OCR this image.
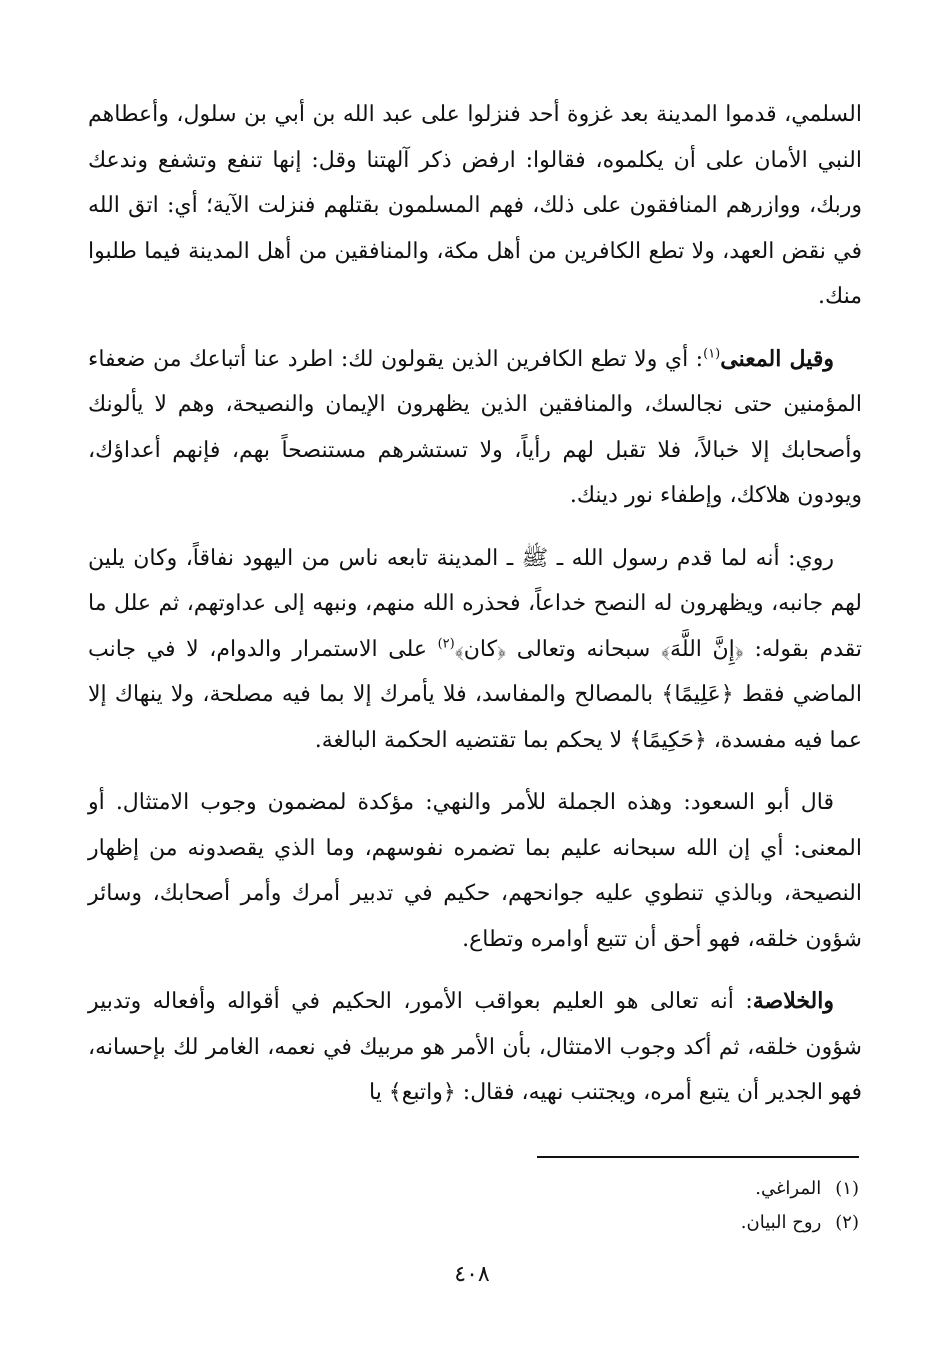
السلمي، قدموا المدينة بعد غزوة أحد فنزلوا على عبد الله بن أبي بن سلول، وأعطاهم النبي الأمان على أن يكلموه، فقالوا: ارفض ذكر آلهتنا وقل: إنها تنفع وتشفع وندعك وربك، ووازرهم المنافقون على ذلك، فهم المسلمون بقتلهم فنزلت الآية؛ أي: اتق الله في نقض العهد، ولا تطع الكافرين من أهل مكة، والمنافقين من أهل المدينة فيما طلبوا منك.

وقيل المعنى$^{(١)}$: أي ولا تطع الكافرين الذين يقولون لك: اطرد عنا أتباعك من ضعفاء المؤمنين حتى نجالسك، والمنافقين الذين يظهرون الإيمان والنصيحة، وهم لا يألونك وأصحابك إلا خبالاً، فلا تقبل لهم رأياً، ولا تستشرهم مستنصحاً بهم، فإنهم أعداؤك، ويودون هلاكك، وإطفاء نور دينك.

روي: أنه لما قدم رسول الله ـ ﷺ ـ المدينة تابعه ناس من اليهود نفاقاً، وكان يلين لهم جانبه، ويظهرون له النصح خداعاً، فحذره الله منهم، ونبهه إلى عداوتهم، ثم علل ما تقدم بقوله: ﴿إِنَّ اللَّهَ﴾ سبحانه وتعالى ﴿كان﴾$^{(٢)}$ على الاستمرار والدوام، لا في جانب الماضي فقط ﴿عَلِيمًا﴾ بالمصالح والمفاسد، فلا يأمرك إلا بما فيه مصلحة، ولا ينهاك إلا عما فيه مفسدة، ﴿حَكِيمًا﴾ لا يحكم بما تقتضيه الحكمة البالغة.

قال أبو السعود: وهذه الجملة للأمر والنهي: مؤكدة لمضمون وجوب الامتثال. أو المعنى: أي إن الله سبحانه عليم بما تضمره نفوسهم، وما الذي يقصدونه من إظهار النصيحة، وبالذي تنطوي عليه جوانحهم، حكيم في تدبير أمرك وأمر أصحابك، وسائر شؤون خلقه، فهو أحق أن تتبع أوامره وتطاع.

والخلاصة: أنه تعالى هو العليم بعواقب الأمور، الحكيم في أقواله وأفعاله وتدبير شؤون خلقه، ثم أكد وجوب الامتثال، بأن الأمر هو مربيك في نعمه، الغامر لك بإحسانه، فهو الجدير أن يتبع أمره، ويجتنب نهيه، فقال: ﴿واتبع﴾ يا

(١)المراغي.
(٢)روح البيان.
٤٠٨
